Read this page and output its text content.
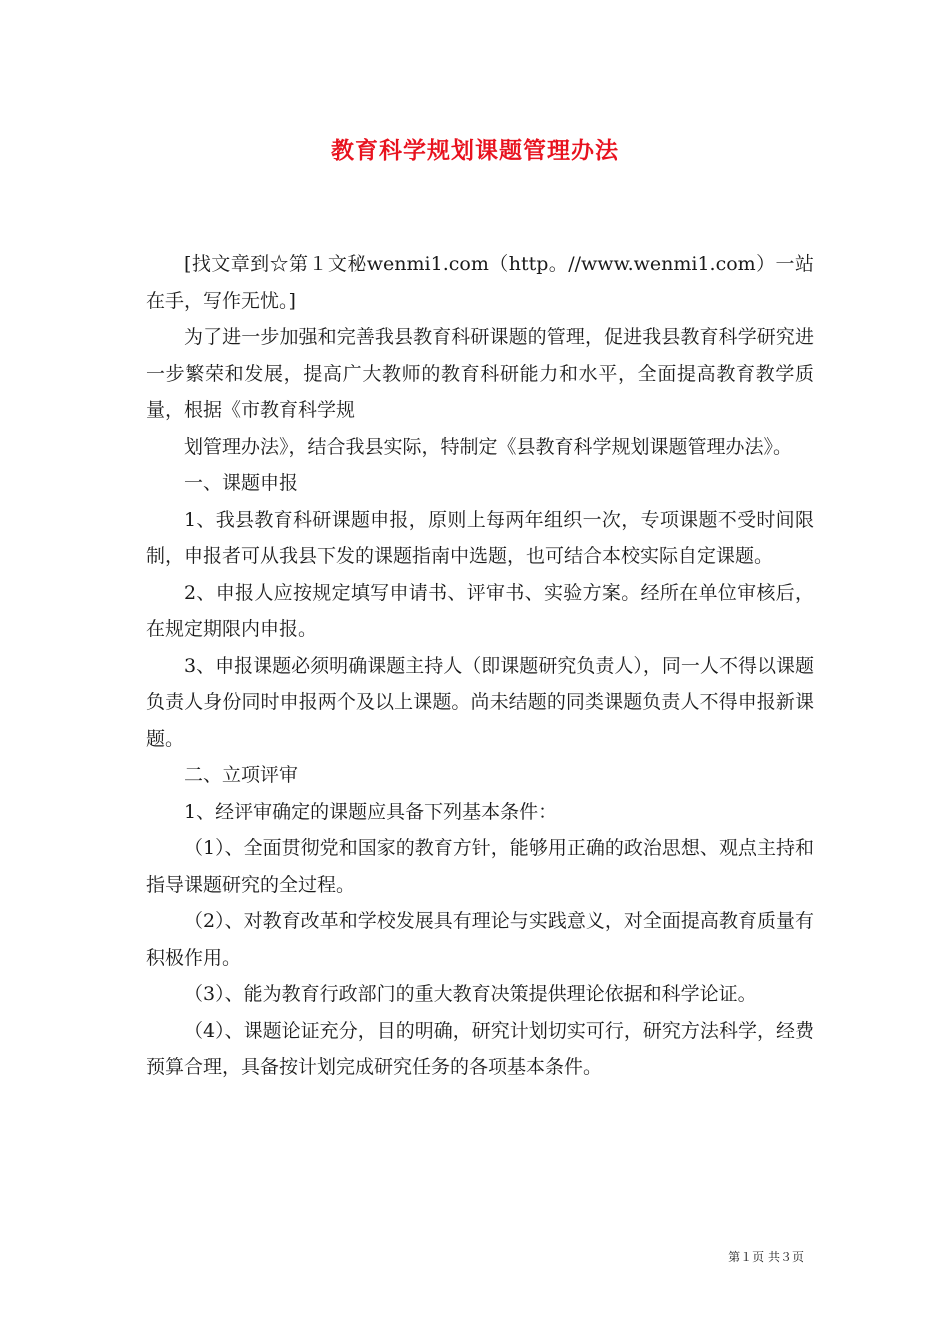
教育科学规划课题管理办法

[找文章到☆第１文秘wenmi1.com（http。//www.wenmi1.com）一站在手，写作无忧。]

为了进一步加强和完善我县教育科研课题的管理，促进我县教育科学研究进一步繁荣和发展，提高广大教师的教育科研能力和水平，全面提高教育教学质量，根据《市教育科学规

划管理办法》，结合我县实际，特制定《县教育科学规划课题管理办法》。

一、课题申报

1、我县教育科研课题申报，原则上每两年组织一次，专项课题不受时间限制，申报者可从我县下发的课题指南中选题，也可结合本校实际自定课题。

2、申报人应按规定填写申请书、评审书、实验方案。经所在单位审核后，在规定期限内申报。

3、申报课题必须明确课题主持人（即课题研究负责人），同一人不得以课题负责人身份同时申报两个及以上课题。尚未结题的同类课题负责人不得申报新课题。

二、立项评审

1、经评审确定的课题应具备下列基本条件：

（1）、全面贯彻党和国家的教育方针，能够用正确的政治思想、观点主持和指导课题研究的全过程。

（2）、对教育改革和学校发展具有理论与实践意义，对全面提高教育质量有积极作用。

（3）、能为教育行政部门的重大教育决策提供理论依据和科学论证。

（4）、课题论证充分，目的明确，研究计划切实可行，研究方法科学，经费预算合理，具备按计划完成研究任务的各项基本条件。

第１页 共３页
